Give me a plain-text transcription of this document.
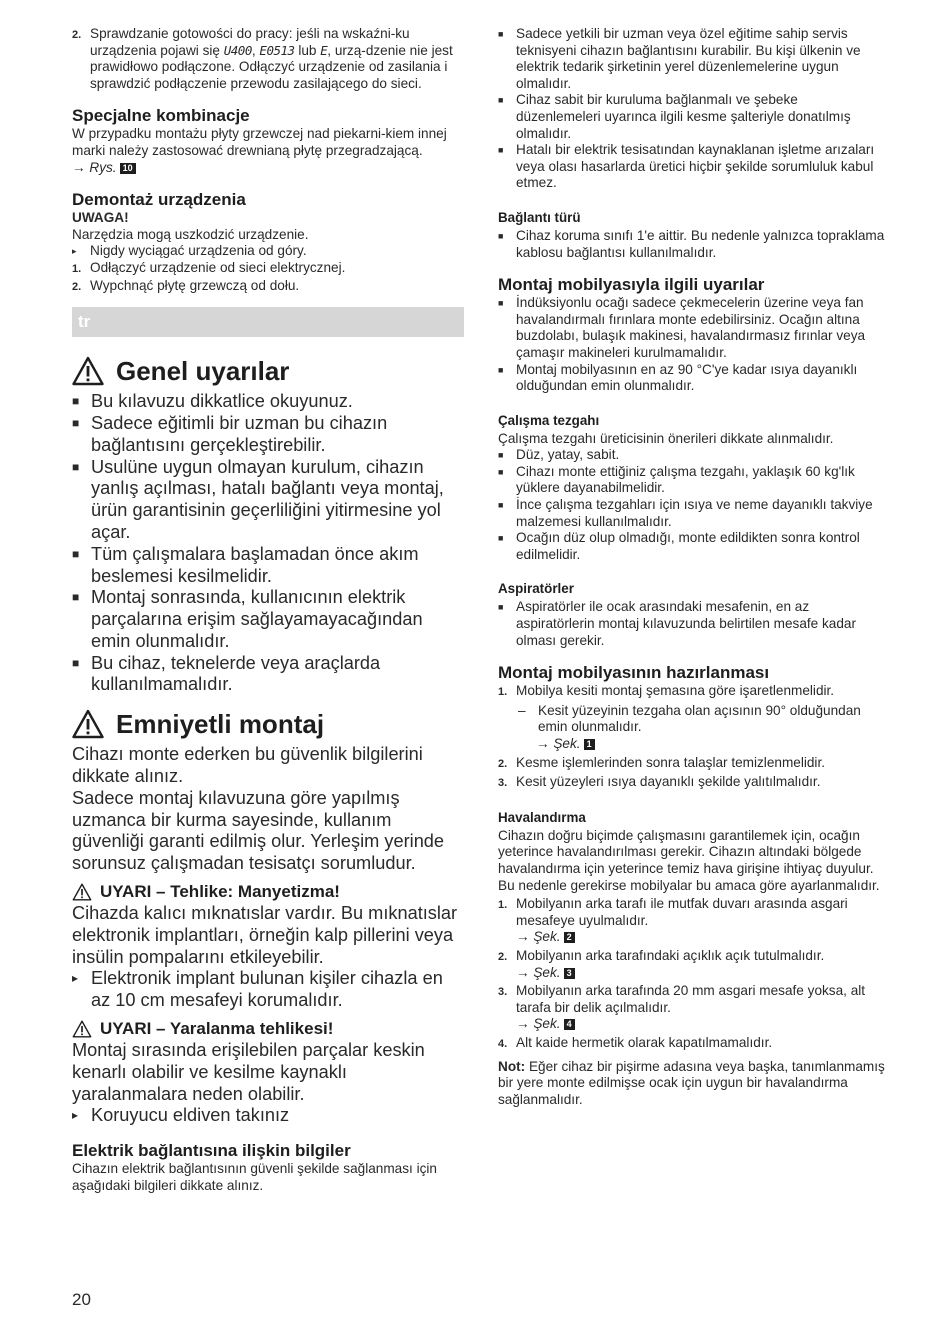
2. Sprawdzanie gotowości do pracy: jeśli na wskaźni-ku urządzenia pojawi się U400, E0513 lub E, urzą-dzenie nie jest prawidłowo podłączone. Odłączyć urządzenie od zasilania i sprawdzić podłączenie przewodu zasilającego do sieci.

Specjalne kombinacje

W przypadku montażu płyty grzewczej nad piekarni-kiem innej marki należy zastosować drewnianą płytę przegradzającą.

→ Rys. 10

Demontaż urządzenia

UWAGA!

Narzędzia mogą uszkodzić urządzenie.

▸ Nigdy wyciągać urządzenia od góry.

1. Odłączyć urządzenie od sieci elektrycznej.

2. Wypchnąć płytę grzewczą od dołu.

tr
Genel uyarılar
■ Bu kılavuzu dikkatlice okuyunuz.

■ Sadece eğitimli bir uzman bu cihazın bağlantısını gerçekleştirebilir.

■ Usulüne uygun olmayan kurulum, cihazın yanlış açılması, hatalı bağlantı veya montaj, ürün garantisinin geçerliliğini yitirmesine yol açar.

■ Tüm çalışmalara başlamadan önce akım beslemesi kesilmelidir.

■ Montaj sonrasında, kullanıcının elektrik parçalarına erişim sağlayamayacağından emin olunmalıdır.

■ Bu cihaz, teknelerde veya araçlarda kullanılmamalıdır.

Emniyetli montaj

Cihazı monte ederken bu güvenlik bilgilerini dikkate alınız.

Sadece montaj kılavuzuna göre yapılmış uzmanca bir kurma sayesinde, kullanım güvenliği garanti edilmiş olur. Yerleşim yerinde sorunsuz çalışmadan tesisatçı sorumludur.

UYARI – Tehlike: Manyetizma!

Cihazda kalıcı mıknatıslar vardır. Bu mıknatıslar elektronik implantları, örneğin kalp pillerini veya insülin pompalarını etkileyebilir.

▸ Elektronik implant bulunan kişiler cihazla en az 10 cm mesafeyi korumalıdır.

UYARI – Yaralanma tehlikesi!

Montaj sırasında erişilebilen parçalar keskin kenarlı olabilir ve kesilme kaynaklı yaralanmalara neden olabilir.

▸ Koruyucu eldiven takınız

Elektrik bağlantısına ilişkin bilgiler

Cihazın elektrik bağlantısının güvenli şekilde sağlanması için aşağıdaki bilgileri dikkate alınız.

■ Sadece yetkili bir uzman veya özel eğitime sahip servis teknisyeni cihazın bağlantısını kurabilir. Bu kişi ülkenin ve elektrik tedarik şirketinin yerel düzenlemelerine uygun olmalıdır.

■ Cihaz sabit bir kuruluma bağlanmalı ve şebeke düzenlemeleri uyarınca ilgili kesme şalteriyle donatılmış olmalıdır.

■ Hatalı bir elektrik tesisatından kaynaklanan işletme arızaları veya olası hasarlarda üretici hiçbir şekilde sorumluluk kabul etmez.

Bağlantı türü
■ Cihaz koruma sınıfı 1'e aittir. Bu nedenle yalnızca topraklama kablosu bağlantısı kullanılmalıdır.

Montaj mobilyasıyla ilgili uyarılar
■ İndüksiyonlu ocağı sadece çekmecelerin üzerine veya fan havalandırmalı fırınlara monte edebilirsiniz. Ocağın altına buzdolabı, bulaşık makinesi, havalandırmasız fırınlar veya çamaşır makineleri kurulmamalıdır.

■ Montaj mobilyasının en az 90 °C'ye kadar ısıya dayanıklı olduğundan emin olunmalıdır.

Çalışma tezgahı

Çalışma tezgahı üreticisinin önerileri dikkate alınmalıdır.

■ Düz, yatay, sabit.

■ Cihazı monte ettiğiniz çalışma tezgahı, yaklaşık 60 kg'lık yüklere dayanabilmelidir.

■ İnce çalışma tezgahları için ısıya ve neme dayanıklı takviye malzemesi kullanılmalıdır.

■ Ocağın düz olup olmadığı, monte edildikten sonra kontrol edilmelidir.

Aspiratörler
■ Aspiratörler ile ocak arasındaki mesafenin, en az aspiratörlerin montaj kılavuzunda belirtilen mesafe kadar olması gerekir.

Montaj mobilyasının hazırlanması
1. Mobilya kesiti montaj şemasına göre işaretlenmelidir.

– Kesit yüzeyinin tezgaha olan açısının 90° olduğundan emin olunmalıdır.

→ Şek. 1

2. Kesme işlemlerinden sonra talaşlar temizlenmelidir.

3. Kesit yüzeyleri ısıya dayanıklı şekilde yalıtılmalıdır.

Havalandırma

Cihazın doğru biçimde çalışmasını garantilemek için, ocağın yeterince havalandırılması gerekir. Cihazın altındaki bölgede havalandırma için yeterince temiz hava girişine ihtiyaç duyulur. Bu nedenle gerekirse mobilyalar bu amaca göre ayarlanmalıdır.

1. Mobilyanın arka tarafı ile mutfak duvarı arasında asgari mesafeye uyulmalıdır.

→ Şek. 2

2. Mobilyanın arka tarafındaki açıklık açık tutulmalıdır.

→ Şek. 3

3. Mobilyanın arka tarafında 20 mm asgari mesafe yoksa, alt tarafa bir delik açılmalıdır.

→ Şek. 4

4. Alt kaide hermetik olarak kapatılmamalıdır.

Not: Eğer cihaz bir pişirme adasına veya başka, tanımlanmamış bir yere monte edilmişse ocak için uygun bir havalandırma sağlanmalıdır.

20
